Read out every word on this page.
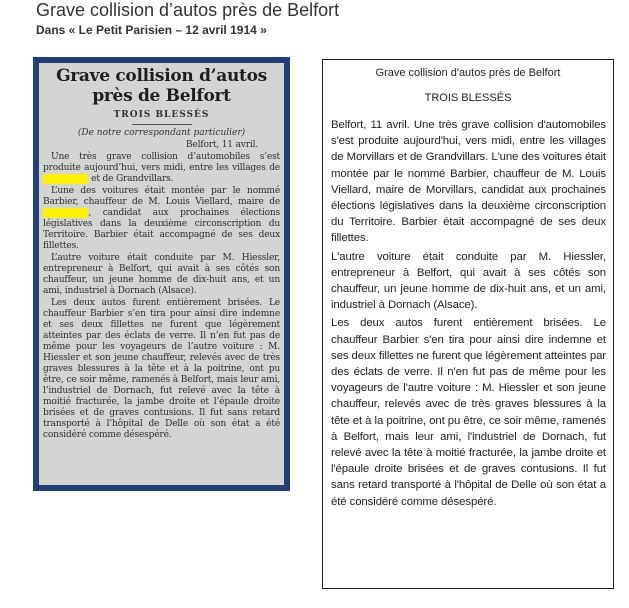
Grave collision d’autos près de Belfort
Dans « Le Petit Parisien – 12 avril 1914 »
Grave collision d’autos
près de Belfort
TROIS BLESSÉS
(De notre correspondant particulier)
Belfort, 11 avril.

Une très grave collision d’automobiles s’est produite aujourd’hui, vers midi, entre les villages de et de Grandvillars.

L’une des voitures était montée par le nommé Barbier, chauffeur de M. Louis Viellard, maire de , candidat aux prochaines élections législatives dans la deuxième circonscription du Territoire. Barbier était accompagné de ses deux fillettes.

L’autre voiture était conduite par M. Hiessler, entrepreneur à Belfort, qui avait à ses côtés son chauffeur, un jeune homme de dix-huit ans, et un ami, industriel à Dornach (Alsace).

Les deux autos furent entièrement brisées. Le chauffeur Barbier s’en tira pour ainsi dire indemne et ses deux fillettes ne furent que légèrement atteintes par des éclats de verre. Il n’en fut pas de même pour les voyageurs de l’autre voiture : M. Hiessler et son jeune chauffeur, relevés avec de très graves blessures à la tête et à la poitrine, ont pu être, ce soir même, ramenés à Belfort, mais leur ami, l’industriel de Dornach, fut relevé avec la tête à moitié fracturée, la jambe droite et l’épaule droite brisées et de graves contusions. Il fut sans retard transporté à l’hôpital de Delle où son état a été considéré comme désespéré.

Grave collision d'autos près de Belfort
TROIS BLESSÉS

Belfort, 11 avril. Une très grave collision d'automobiles s'est produite aujourd'hui, vers midi, entre les villages de Morvillars et de Grandvillars. L'une des voitures était montée par le nommé Barbier, chauffeur de M. Louis Viellard, maire de Morvillars, candidat aux prochaines élections législatives dans la deuxième circonscription du Territoire. Barbier était accompagné de ses deux fillettes.

L'autre voiture était conduite par M. Hiessler, entrepreneur à Belfort, qui avait à ses côtés son chauffeur, un jeune homme de dix-huit ans, et un ami, industriel à Dornach (Alsace).

Les deux autos furent entièrement brisées. Le chauffeur Barbier s'en tira pour ainsi dire indemne et ses deux fillettes ne furent que légèrement atteintes par des éclats de verre. Il n'en fut pas de même pour les voyageurs de l'autre voiture : M. Hiessler et son jeune chauffeur, relevés avec de très graves blessures à la tête et à la poitrine, ont pu être, ce soir même, ramenés à Belfort, mais leur ami, l'industriel de Dornach, fut relevé avec la tête à moitié fracturée, la jambe droite et l'épaule droite brisées et de graves contusions. Il fut sans retard transporté à l'hôpital de Delle où son état a été considéré comme désespéré.
